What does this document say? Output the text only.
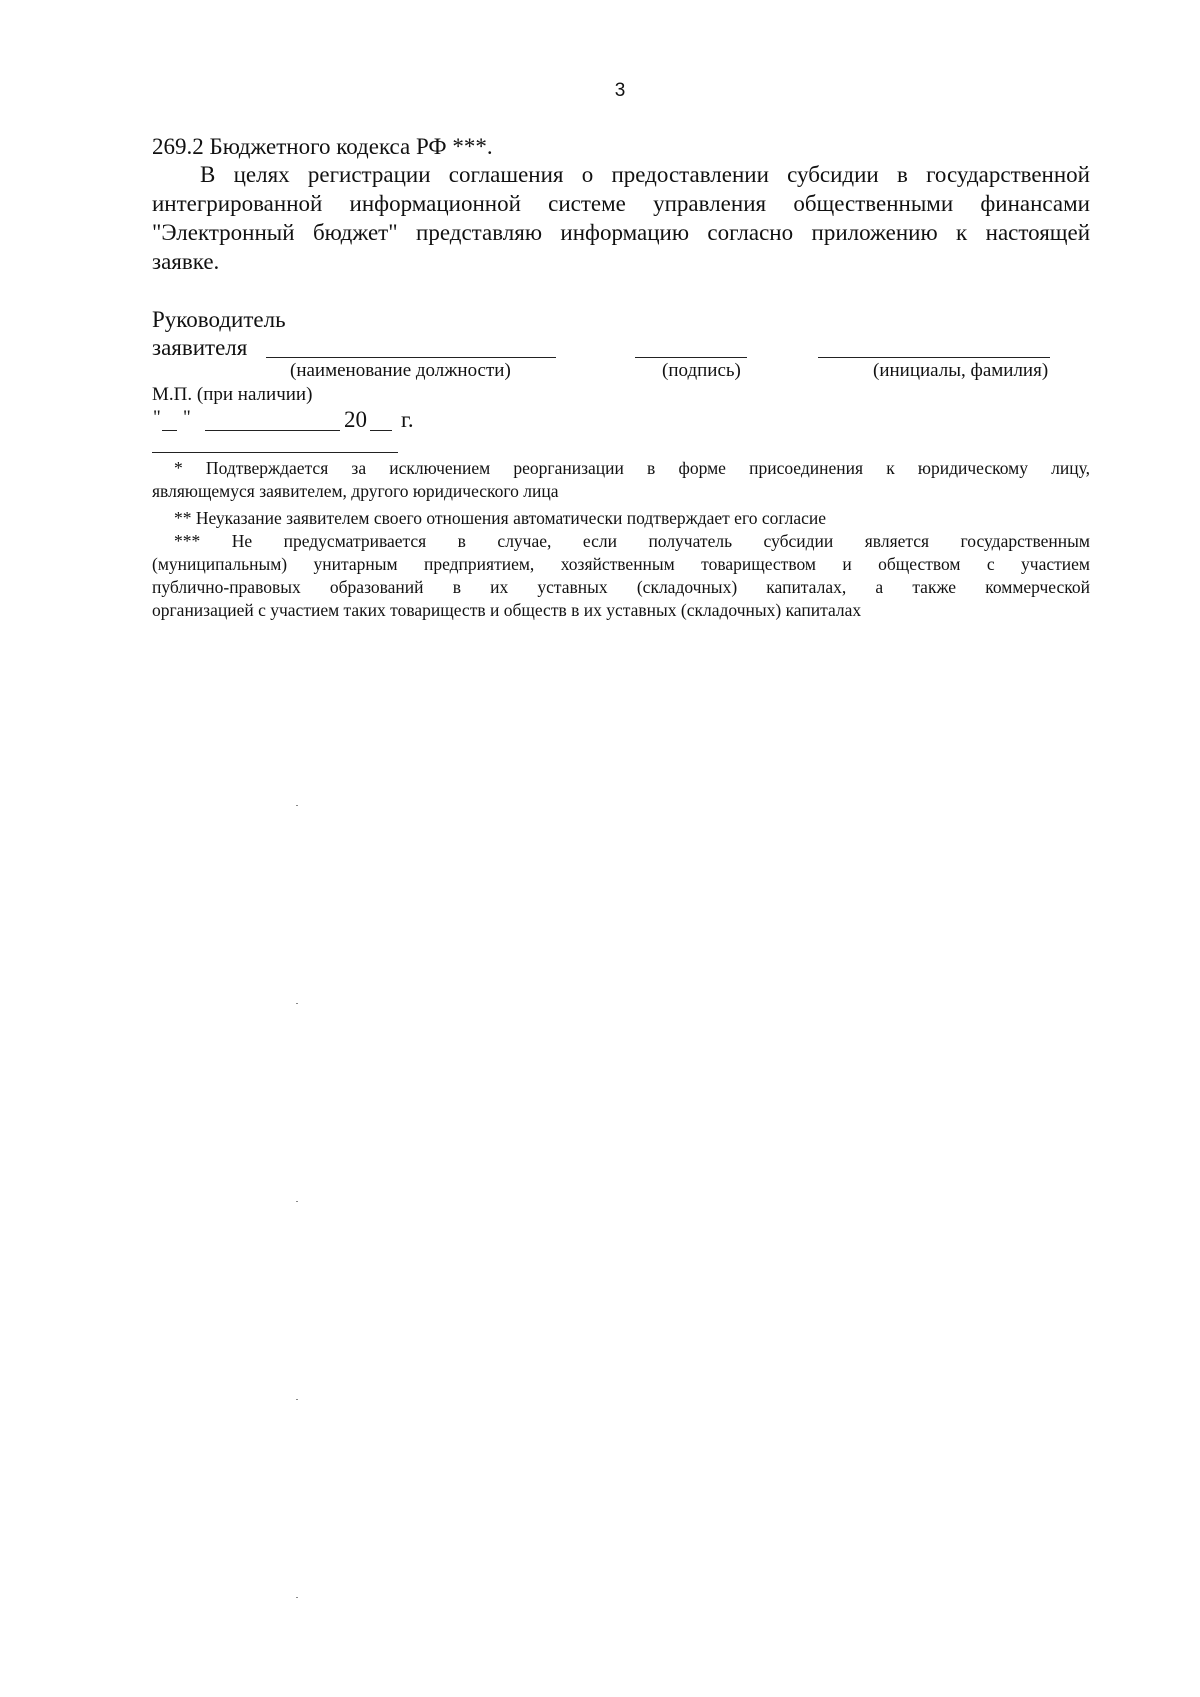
3
269.2 Бюджетного кодекса РФ ***.
В целях регистрации соглашения о предоставлении субсидии в государственной
интегрированной информационной системе управления общественными финансами
"Электронный бюджет" представляю информацию согласно приложению к настоящей
заявке.
Руководитель
заявителя
(наименование должности)	(подпись)	(инициалы, фамилия)
М.П. (при наличии)
" "	20 г.
* Подтверждается за исключением реорганизации в форме присоединения к юридическому лицу,
являющемуся заявителем, другого юридического лица
** Неуказание заявителем своего отношения автоматически подтверждает его согласие
*** Не предусматривается в случае, если получатель субсидии является государственным
(муниципальным) унитарным предприятием, хозяйственным товариществом и обществом с участием
публично-правовых образований в их уставных (складочных) капиталах, а также коммерческой
организацией с участием таких товариществ и обществ в их уставных (складочных) капиталах
